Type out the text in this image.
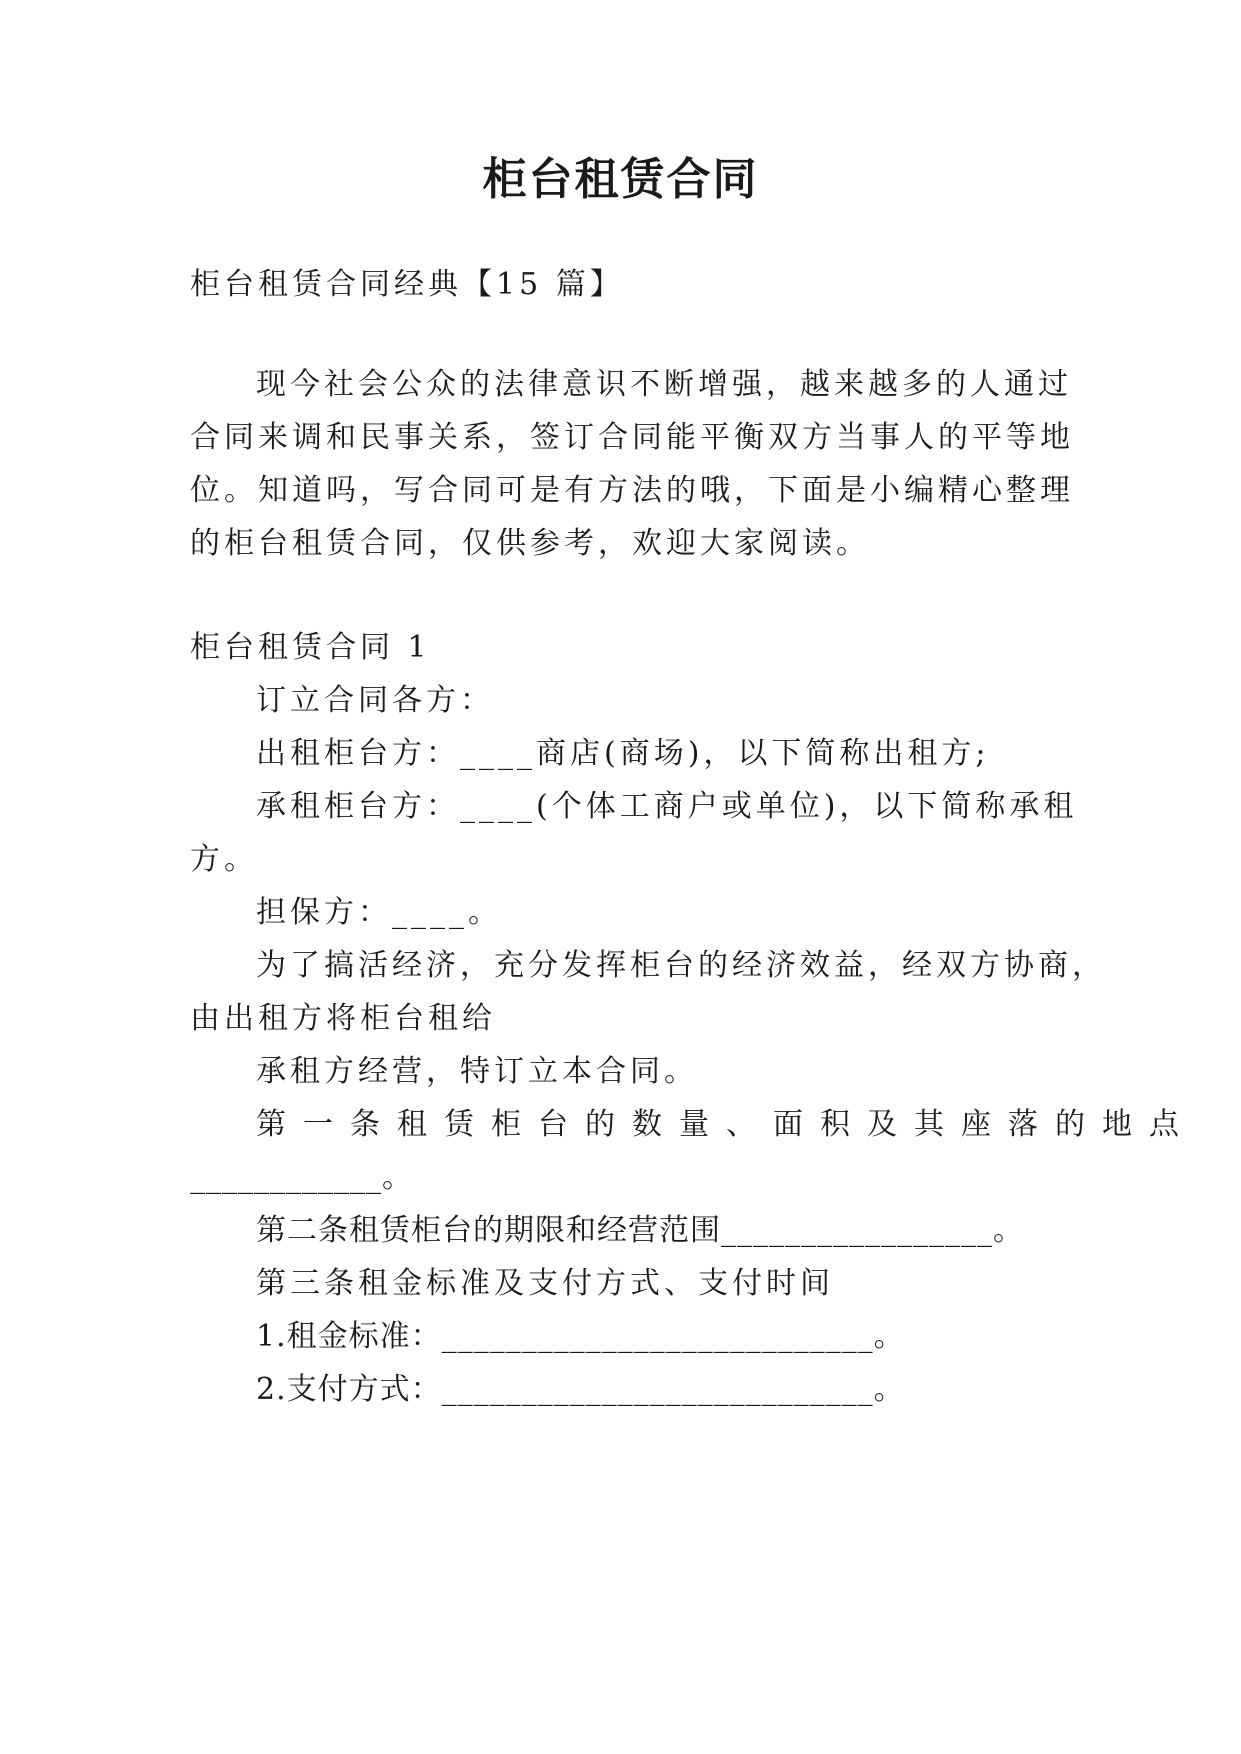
柜台租赁合同
柜台租赁合同经典【15 篇】
现今社会公众的法律意识不断增强，越来越多的人通过
合同来调和民事关系，签订合同能平衡双方当事人的平等地
位。知道吗，写合同可是有方法的哦，下面是小编精心整理
的柜台租赁合同，仅供参考，欢迎大家阅读。
柜台租赁合同 1
订立合同各方：
出租柜台方：____商店(商场)，以下简称出租方;
承租柜台方：____(个体工商户或单位)，以下简称承租
方。
担保方：____。
为了搞活经济，充分发挥柜台的经济效益，经双方协商，
由出租方将柜台租给
承租方经营，特订立本合同。
第一条租赁柜台的数量、面积及其座落的地点
____________。
第二条租赁柜台的期限和经营范围_________________。
第三条租金标准及支付方式、支付时间
1.租金标准：___________________________。
2.支付方式：___________________________。
